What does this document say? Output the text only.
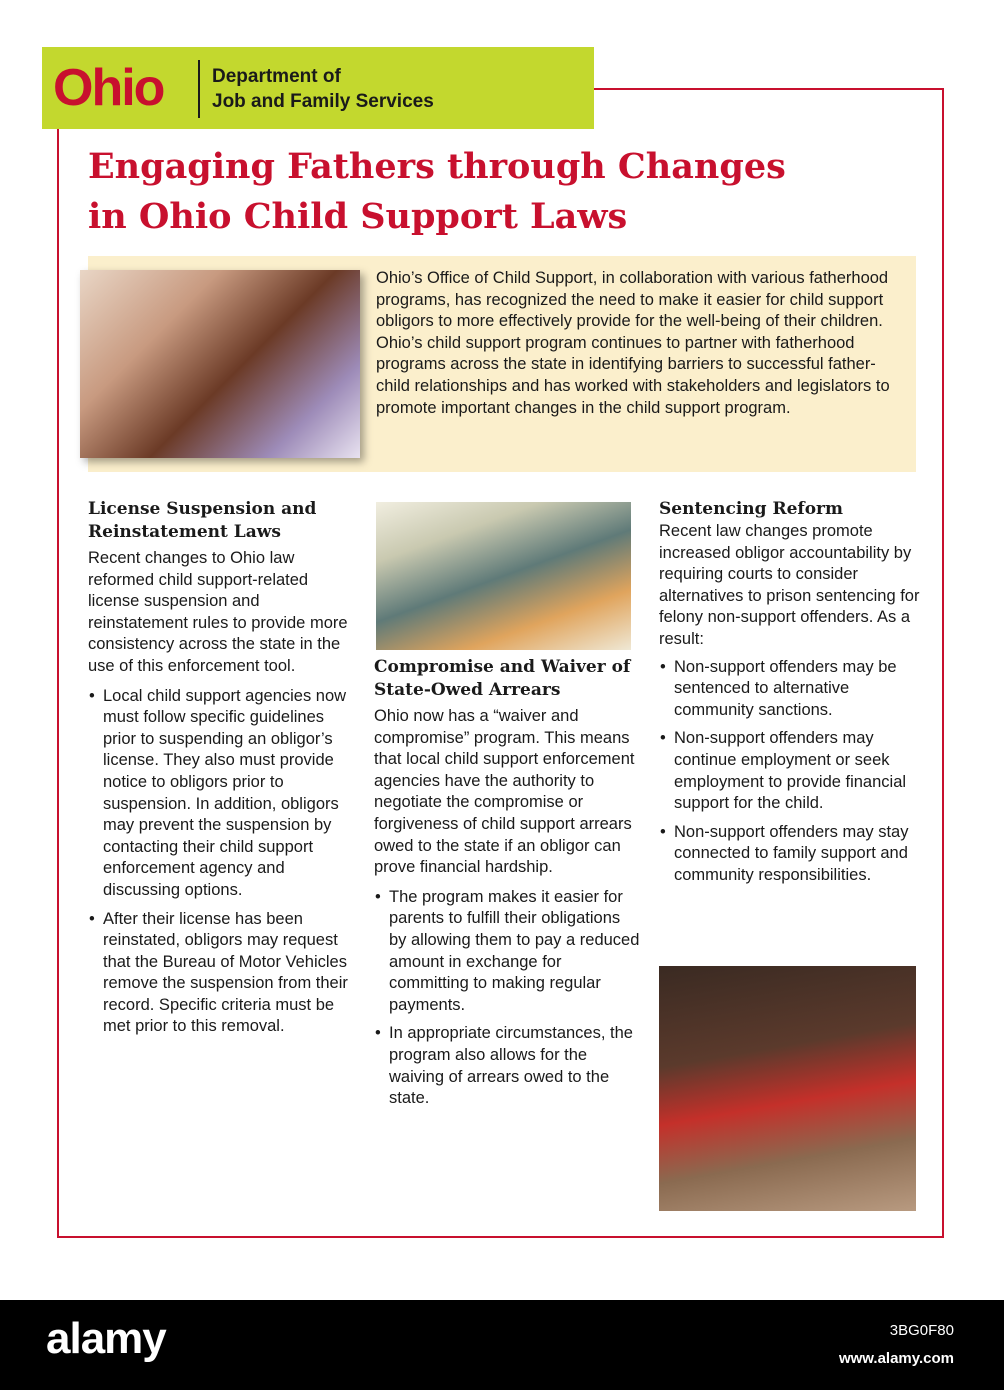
Ohio	Department of
Job and Family Services
Engaging Fathers through Changes
in Ohio Child Support Laws

Ohio’s Office of Child Support, in collaboration with various fatherhood programs, has recognized the need to make it easier for child support obligors to more effectively provide for the well-being of their children. Ohio’s child support program continues to partner with fatherhood programs across the state in identifying barriers to successful father-child relationships and has worked with stakeholders and legislators to promote important changes in the child support program.

License Suspension and Reinstatement Laws

Recent changes to Ohio law reformed child support-related license suspension and reinstatement rules to provide more consistency across the state in the use of this enforcement tool.

• Local child support agencies now must follow specific guidelines prior to suspending an obligor’s license. They also must provide notice to obligors prior to suspension. In addition, obligors may prevent the suspension by contacting their child support enforcement agency and discussing options.
• After their license has been reinstated, obligors may request that the Bureau of Motor Vehicles remove the suspension from their record. Specific criteria must be met prior to this removal.
Compromise and Waiver of State-Owed Arrears

Ohio now has a “waiver and compromise” program. This means that local child support enforcement agencies have the authority to negotiate the compromise or forgiveness of child support arrears owed to the state if an obligor can prove financial hardship.

• The program makes it easier for parents to fulfill their obligations by allowing them to pay a reduced amount in exchange for committing to making regular payments.
• In appropriate circumstances, the program also allows for the waiving of arrears owed to the state.
Sentencing Reform

Recent law changes promote increased obligor accountability by requiring courts to consider alternatives to prison sentencing for felony non-support offenders. As a result:

• Non-support offenders may be sentenced to alternative community sanctions.
• Non-support offenders may continue employment or seek employment to provide financial support for the child.
• Non-support offenders may stay connected to family support and community responsibilities.
alamy	3BG0F80
www.alamy.com
